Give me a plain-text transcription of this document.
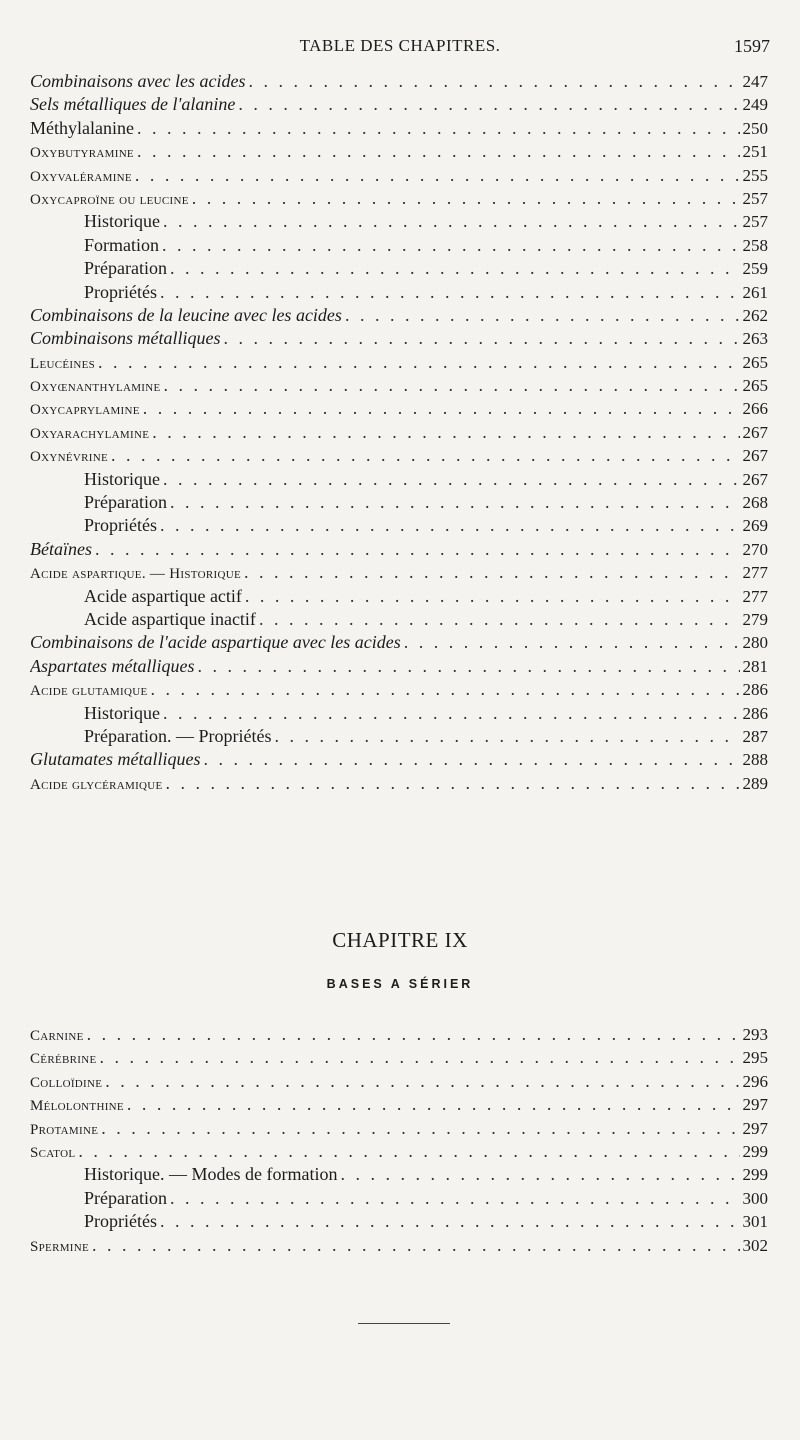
TABLE DES CHAPITRES.	1597
Combinaisons avec les acides . . .	247
Sels métalliques de l'alanine . . .	249
Méthylalanine . . .	250
Oxybutyramine . . .	251
Oxyvaléramine . . .	255
Oxycaproïne ou leucine . . .	257
Historique . . .	257
Formation . . .	258
Préparation . . .	259
Propriétés . . .	261
Combinaisons de la leucine avec les acides . . .	262
Combinaisons métalliques . . .	263
Leucéines . . .	265
Oxyœnanthylamine . . .	265
Oxycaprylamine . . .	266
Oxyarachylamine . . .	267
Oxynévrine . . .	267
Historique . . .	267
Préparation . . .	268
Propriétés . . .	269
Bétaïnes . . .	270
Acide aspartique. — Historique . . .	277
Acide aspartique actif . . .	277
Acide aspartique inactif . . .	279
Combinaisons de l'acide aspartique avec les acides . . .	280
Aspartates métalliques . . .	281
Acide glutamique . . .	286
Historique . . .	286
Préparation. — Propriétés . . .	287
Glutamates métalliques . . .	288
Acide glycéramique . . .	289
CHAPITRE IX
BASES A SÉRIER
Carnine . . .	293
Cérébrine . . .	295
Colloïdine . . .	296
Mélolonthine . . .	297
Protamine . . .	297
Scatol . . .	299
Historique. — Modes de formation . . .	299
Préparation . . .	300
Propriétés . . .	301
Spermine . . .	302
